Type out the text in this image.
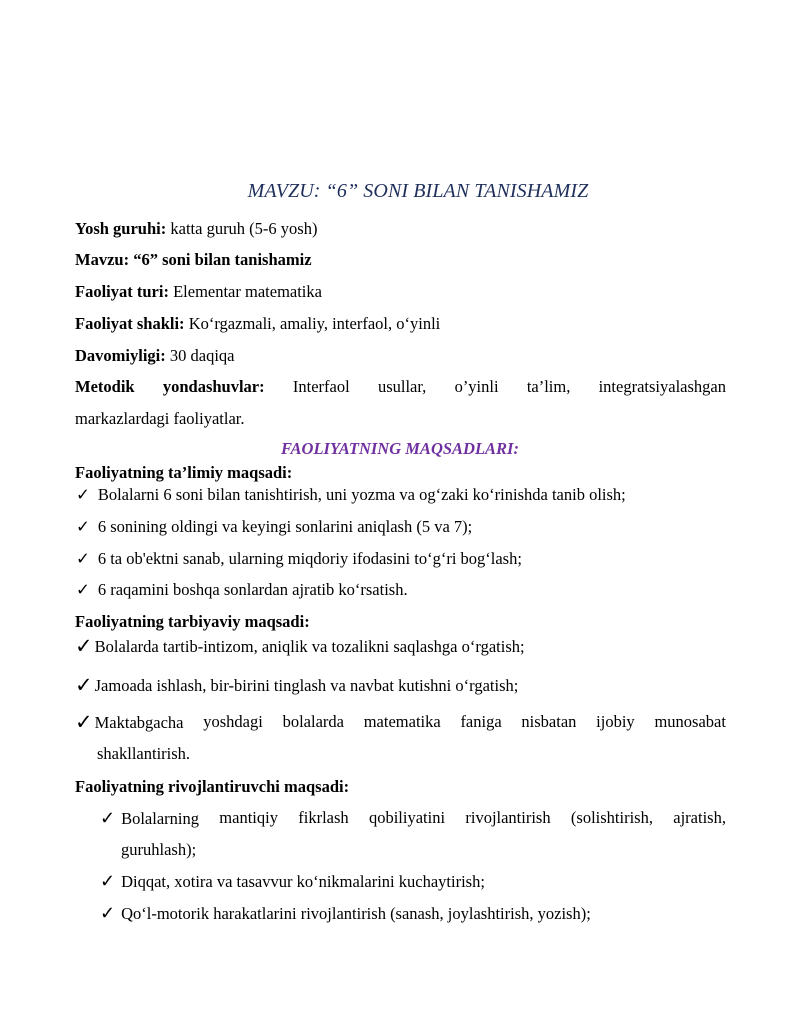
MAVZU: “6” SONI BILAN TANISHAMIZ
Yosh guruhi: katta guruh (5-6 yosh)
Mavzu: “6” soni bilan tanishamiz
Faoliyat turi: Elementar matematika
Faoliyat shakli: Ko‘rgazmali, amaliy, interfaol, o‘yinli
Davomiyligi: 30 daqiqa
Metodik yondashuvlar: Interfaol usullar, o’yinli ta’lim, integratsiyalashgan
markazlardagi faoliyatlar.
FAOLIYATNING MAQSADLARI:
Faoliyatning ta’limiy maqsadi:
✓ Bolalarni 6 soni bilan tanishtirish, uni yozma va og‘zaki ko‘rinishda tanib olish;
✓ 6 sonining oldingi va keyingi sonlarini aniqlash (5 va 7);
✓ 6 ta ob'ektni sanab, ularning miqdoriy ifodasini to‘g‘ri bog‘lash;
✓ 6 raqamini boshqa sonlardan ajratib ko‘rsatish.
Faoliyatning tarbiyaviy maqsadi:
✓ Bolalarda tartib-intizom, aniqlik va tozalikni saqlashga o‘rgatish;
✓ Jamoada ishlash, bir-birini tinglash va navbat kutishni o‘rgatish;
✓ Maktabgacha yoshdagi bolalarda matematika faniga nisbatan ijobiy munosabat
shakllantirish.
Faoliyatning rivojlantiruvchi maqsadi:
✓ Bolalarning mantiqiy fikrlash qobiliyatini rivojlantirish (solishtirish, ajratish,
guruhlash);
✓ Diqqat, xotira va tasavvur ko‘nikmalarini kuchaytirish;
✓ Qo‘l-motorik harakatlarini rivojlantirish (sanash, joylashtirish, yozish);
